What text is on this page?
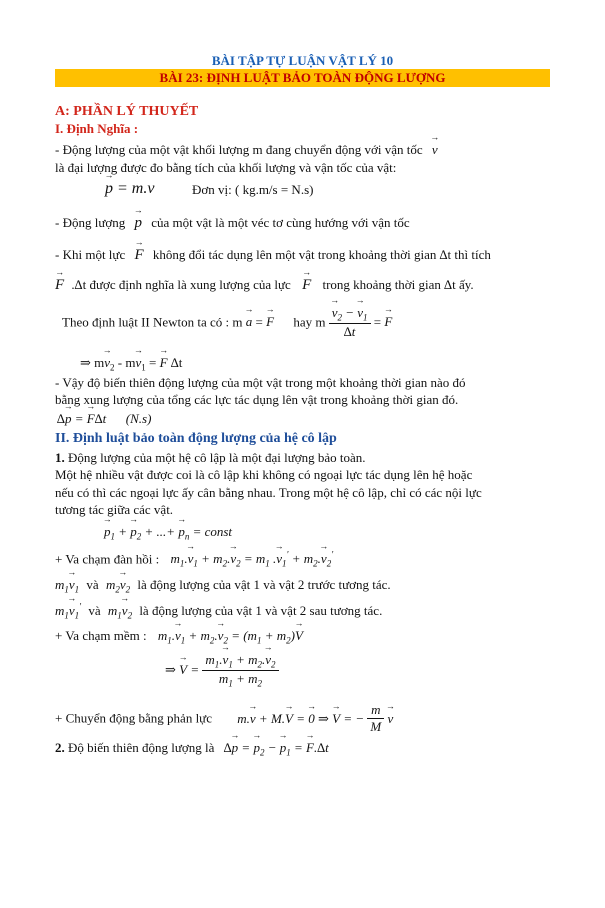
BÀI TẬP TỰ LUẬN VẬT LÝ 10
BÀI 23: ĐỊNH LUẬT BẢO TOÀN ĐỘNG LƯỢNG
A: PHẦN LÝ THUYẾT
I. Định Nghĩa :
- Động lượng của một vật khối lượng m đang chuyển động với vận tốc → v
là đại lượng được đo bằng tích của khối lượng và vận tốc của vật:
→ p = m.v	Đơn vị: ( kg.m/s = N.s)
- Động lượng → p của một vật là một véc tơ cùng hướng với vận tốc
- Khi một lực → F không đổi tác dụng lên một vật trong khoảng thời gian ∆t thì tích
→ F .∆t được định nghĩa là xung lượng của lực → F trong khoảng thời gian ∆t ấy.
Theo định luật II Newton ta có : m → a = → F hay m
→ $\frac{v_2 - \to v_1}{\Delta t}$ = → F
⇒ $m\to v_2 - m\to v_1$ = → F ∆t
- Vậy độ biến thiên động lượng của một vật trong một khoảng thời gian nào đó
bằng xung lượng của tổng các lực tác dụng lên vật trong khoảng thời gian đó.
∆→ p = → F∆t      (N.s)
II. Định luật bảo toàn động lượng của hệ cô lập
1. Động lượng của một hệ cô lập là một đại lượng bảo toàn.
Một hệ nhiều vật được coi là cô lập khi không có ngoại lực tác dụng lên hệ hoặc
nếu có thì các ngoại lực ấy cân bằng nhau. Trong một hệ cô lập, chỉ có các nội lực
tương tác giữa các vật.
→ $p_1$ + → $p_2$ + ...+ → $p_n$ = const
+ Va chạm đàn hồi : $m_1.\to v_1 + m_2.\to v_2 = m_1$ .→ $v_1' + m_2.\to v_2'$
$m_1\to v_1$ và $m_2\to v_2$ là động lượng của vật 1 và vật 2 trước tương tác.
$m_1\to v_1'$ và $m_1\to v_2$ là động lượng của vật 1 và vật 2 sau tương tác.
+ Va chạm mềm : $m_1.\to v_1 + m_2.\to v_2 = (m_1 + m_2)\to V$
⇒ → $V = \frac{m_1.\to v_1 + m_2.\to v_2}{m_1 + m_2}$
+ Chuyển động bằng phản lực m.→ v + M.→ V = → 0 ⇒ → V = − $\frac{m}{M}$
→ v
2. Độ biến thiên động lượng là ∆→ p = → $p_2$ − → $p_1$ = → F.∆t
